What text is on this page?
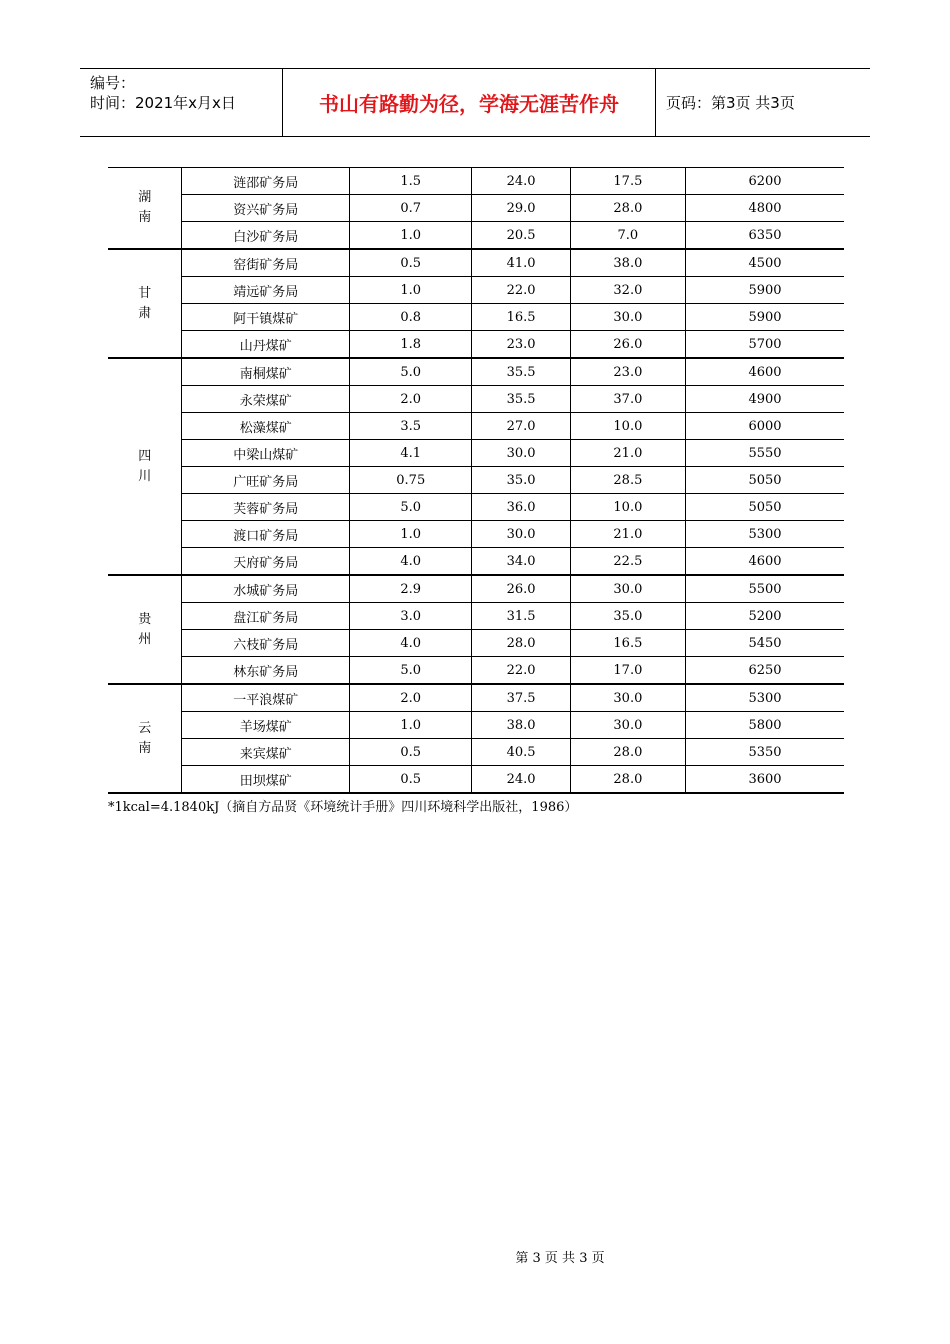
编号：
时间：2021年x月x日	书山有路勤为径，学海无涯苦作舟	页码：第3页 共3页
湖
南	涟邵矿务局	1.5	24.0	17.5	6200
	资兴矿务局	0.7	29.0	28.0	4800
	白沙矿务局	1.0	20.5	7.0	6350

甘
肃	窑街矿务局	0.5	41.0	38.0	4500
	靖远矿务局	1.0	22.0	32.0	5900
	阿干镇煤矿	0.8	16.5	30.0	5900
	山丹煤矿	1.8	23.0	26.0	5700

四
川	南桐煤矿	5.0	35.5	23.0	4600
	永荣煤矿	2.0	35.5	37.0	4900
	松藻煤矿	3.5	27.0	10.0	6000
	中梁山煤矿	4.1	30.0	21.0	5550
	广旺矿务局	0.75	35.0	28.5	5050
	芙蓉矿务局	5.0	36.0	10.0	5050
	渡口矿务局	1.0	30.0	21.0	5300
	天府矿务局	4.0	34.0	22.5	4600

贵
州	水城矿务局	2.9	26.0	30.0	5500
	盘江矿务局	3.0	31.5	35.0	5200
	六枝矿务局	4.0	28.0	16.5	5450
	林东矿务局	5.0	22.0	17.0	6250

云
南	一平浪煤矿	2.0	37.5	30.0	5300
	羊场煤矿	1.0	38.0	30.0	5800
	来宾煤矿	0.5	40.5	28.0	5350
	田坝煤矿	0.5	24.0	28.0	3600
*1kcal=4.1840kJ（摘自方品贤《环境统计手册》四川环境科学出版社，1986）
第 3 页 共 3 页
